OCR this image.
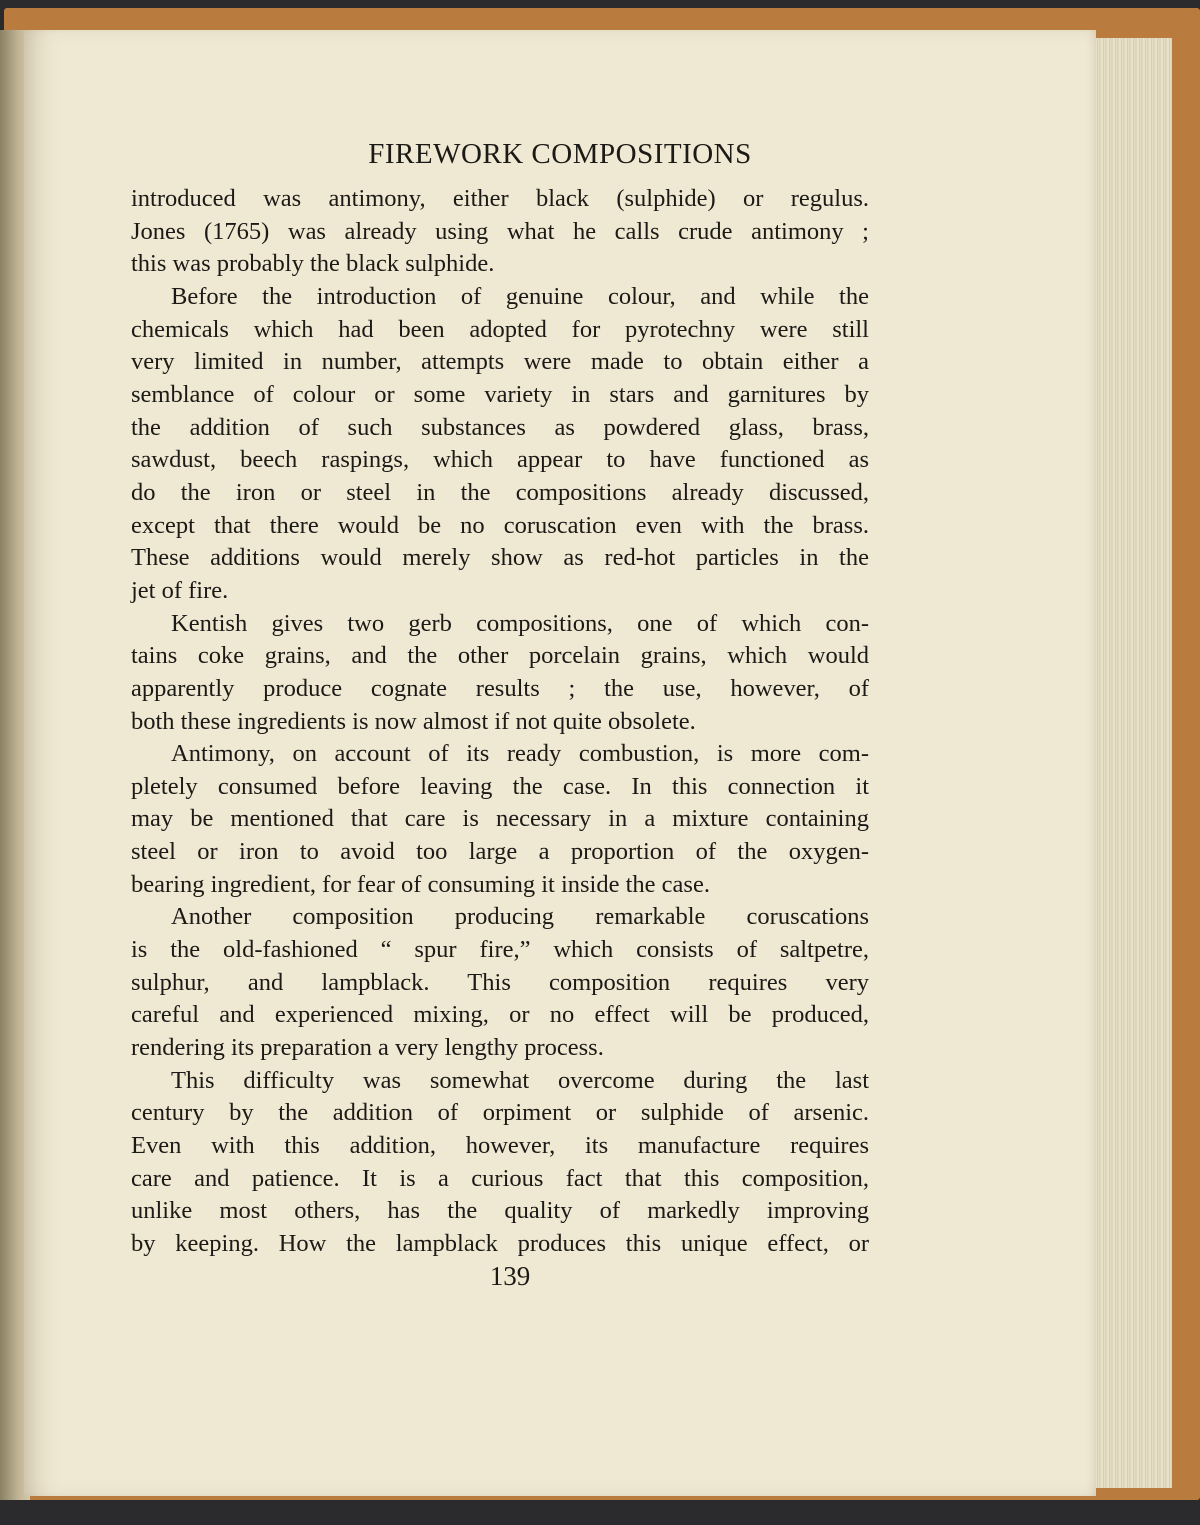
FIREWORK COMPOSITIONS
introduced was antimony, either black (sulphide) or regulus.
Jones (1765) was already using what he calls crude antimony ;
this was probably the black sulphide.
Before the introduction of genuine colour, and while the
chemicals which had been adopted for pyrotechny were still
very limited in number, attempts were made to obtain either a
semblance of colour or some variety in stars and garnitures by
the addition of such substances as powdered glass, brass,
sawdust, beech raspings, which appear to have functioned as
do the iron or steel in the compositions already discussed,
except that there would be no coruscation even with the brass.
These additions would merely show as red-hot particles in the
jet of fire.
Kentish gives two gerb compositions, one of which con-
tains coke grains, and the other porcelain grains, which would
apparently produce cognate results ; the use, however, of
both these ingredients is now almost if not quite obsolete.
Antimony, on account of its ready combustion, is more com-
pletely consumed before leaving the case. In this connection it
may be mentioned that care is necessary in a mixture containing
steel or iron to avoid too large a proportion of the oxygen-
bearing ingredient, for fear of consuming it inside the case.
Another composition producing remarkable coruscations
is the old-fashioned “ spur fire,” which consists of saltpetre,
sulphur, and lampblack. This composition requires very
careful and experienced mixing, or no effect will be produced,
rendering its preparation a very lengthy process.
This difficulty was somewhat overcome during the last
century by the addition of orpiment or sulphide of arsenic.
Even with this addition, however, its manufacture requires
care and patience. It is a curious fact that this composition,
unlike most others, has the quality of markedly improving
by keeping. How the lampblack produces this unique effect, or
139
